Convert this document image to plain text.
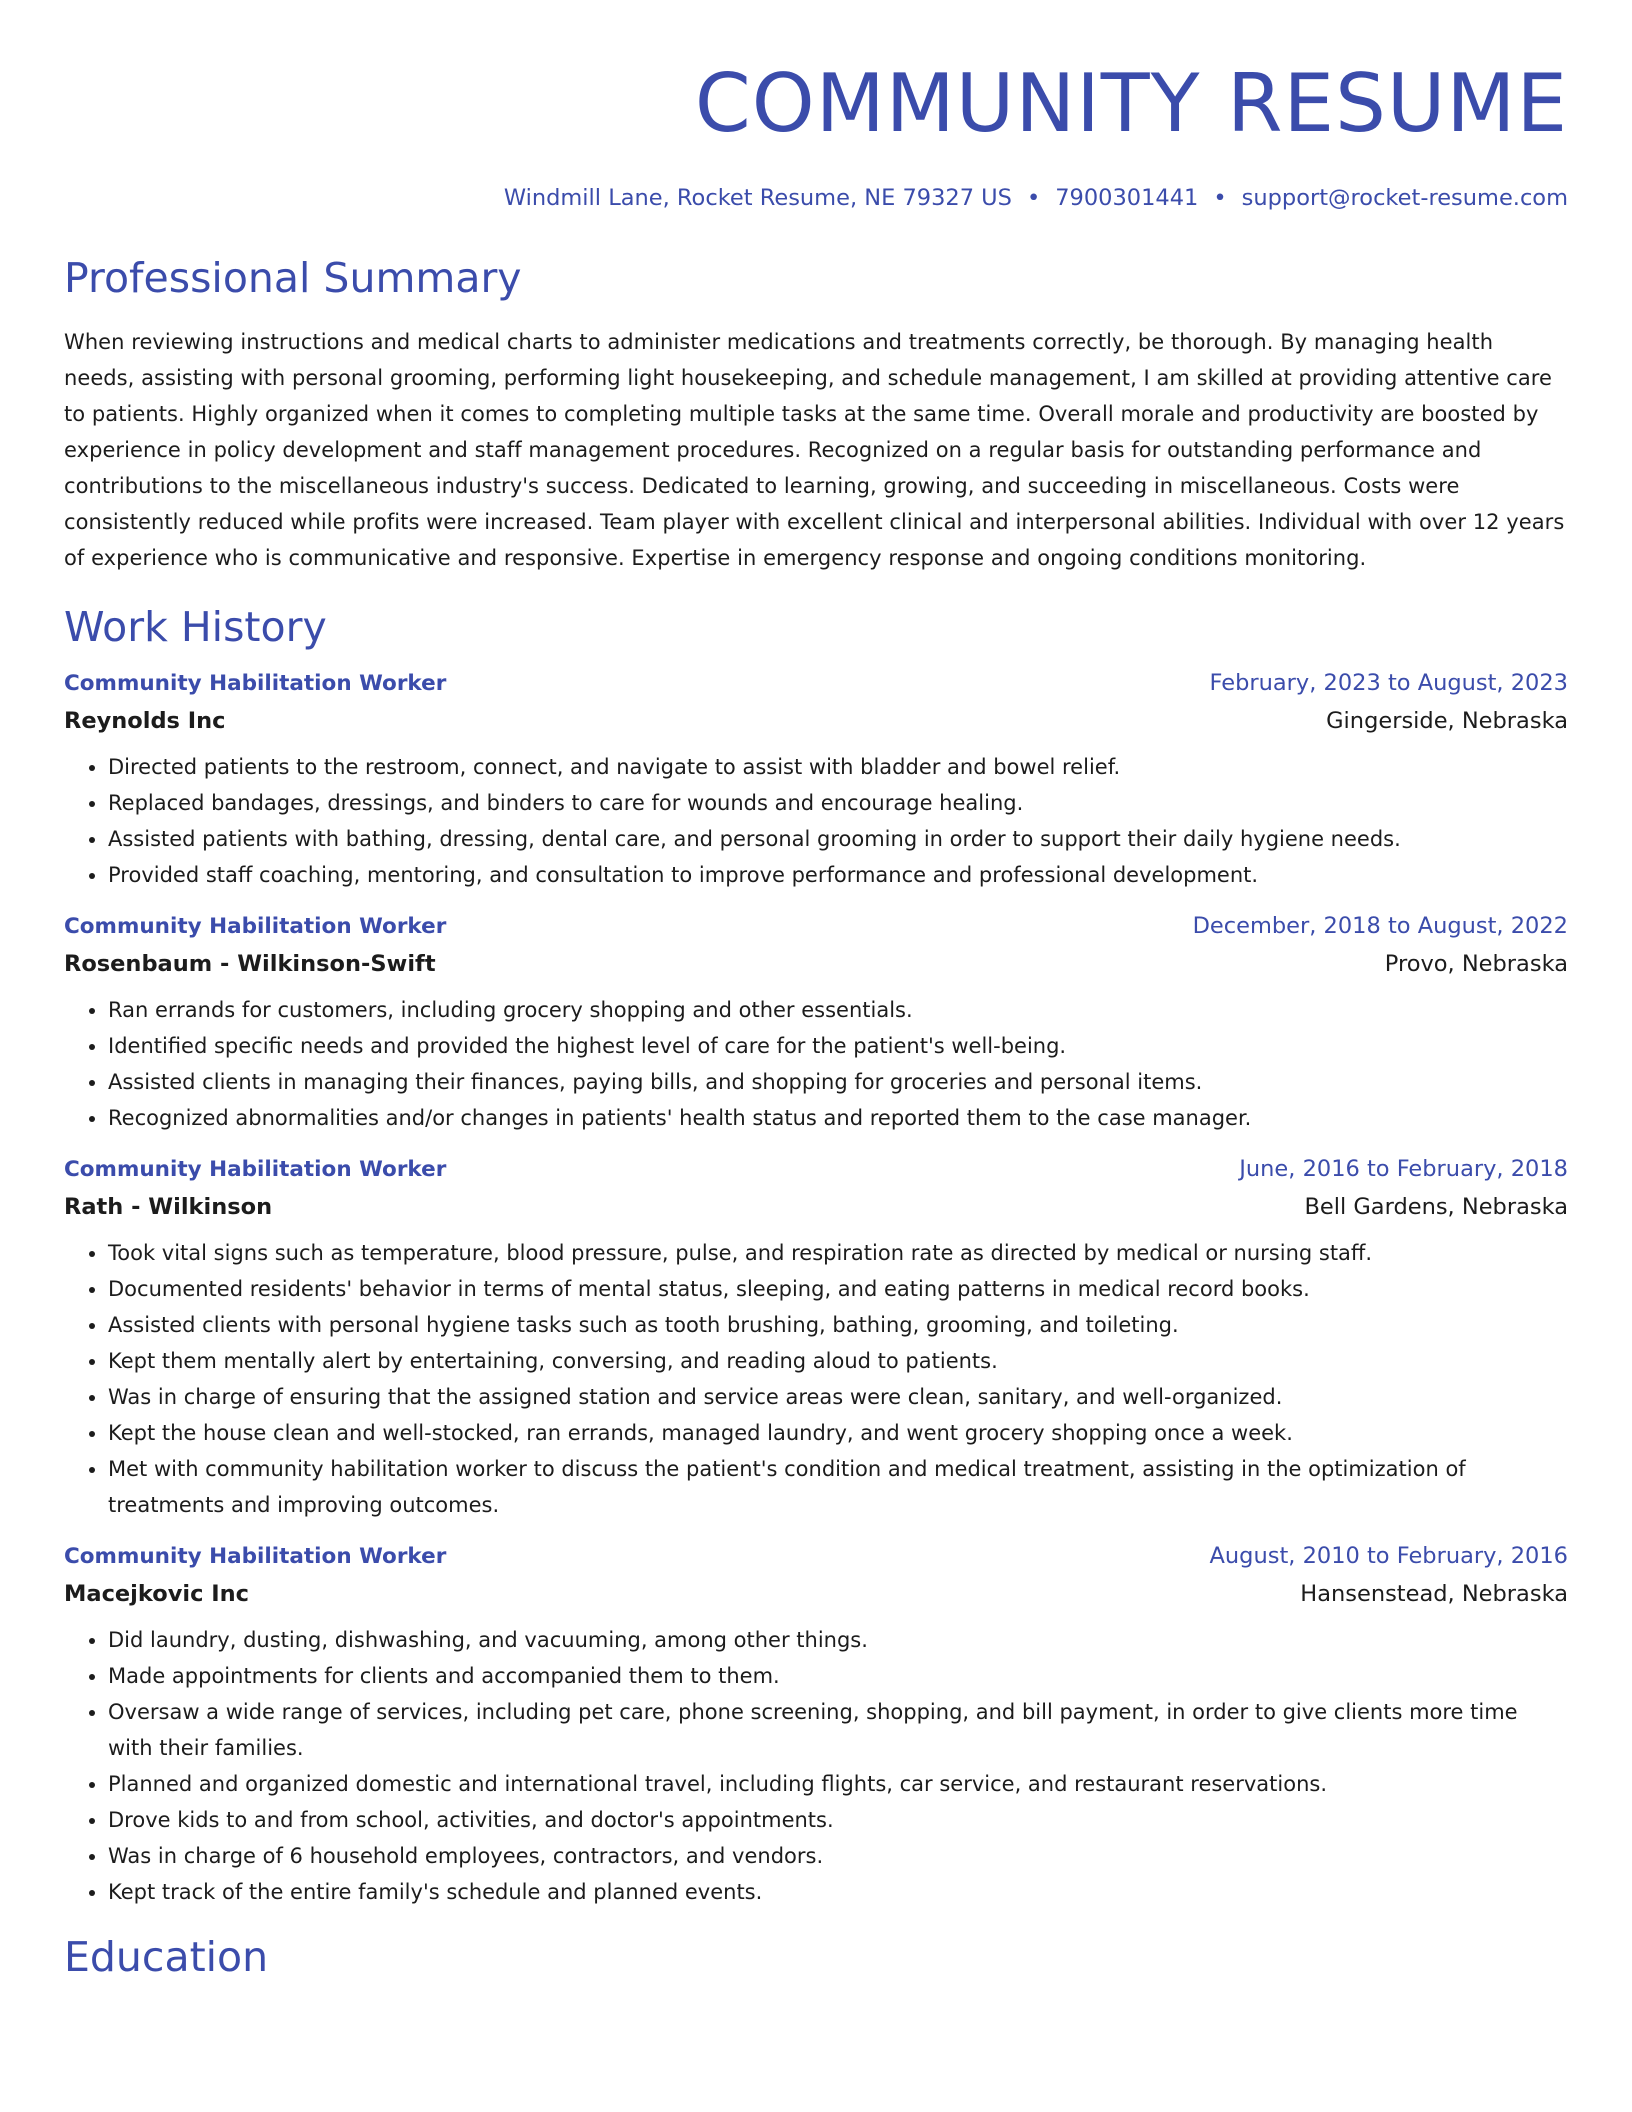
COMMUNITY RESUME
Windmill Lane, Rocket Resume, NE 79327 US • 7900301441 • support@rocket-resume.com
Professional Summary
When reviewing instructions and medical charts to administer medications and treatments correctly, be thorough. By managing health needs, assisting with personal grooming, performing light housekeeping, and schedule management, I am skilled at providing attentive care to patients. Highly organized when it comes to completing multiple tasks at the same time. Overall morale and productivity are boosted by experience in policy development and staff management procedures. Recognized on a regular basis for outstanding performance and contributions to the miscellaneous industry's success. Dedicated to learning, growing, and succeeding in miscellaneous. Costs were consistently reduced while profits were increased. Team player with excellent clinical and interpersonal abilities. Individual with over 12 years of experience who is communicative and responsive. Expertise in emergency response and ongoing conditions monitoring.
Work History
Community Habilitation Worker	February, 2023 to August, 2023
Reynolds Inc	Gingerside, Nebraska
• Directed patients to the restroom, connect, and navigate to assist with bladder and bowel relief.
• Replaced bandages, dressings, and binders to care for wounds and encourage healing.
• Assisted patients with bathing, dressing, dental care, and personal grooming in order to support their daily hygiene needs.
• Provided staff coaching, mentoring, and consultation to improve performance and professional development.
Community Habilitation Worker	December, 2018 to August, 2022
Rosenbaum - Wilkinson-Swift	Provo, Nebraska
• Ran errands for customers, including grocery shopping and other essentials.
• Identified specific needs and provided the highest level of care for the patient's well-being.
• Assisted clients in managing their finances, paying bills, and shopping for groceries and personal items.
• Recognized abnormalities and/or changes in patients' health status and reported them to the case manager.
Community Habilitation Worker	June, 2016 to February, 2018
Rath - Wilkinson	Bell Gardens, Nebraska
• Took vital signs such as temperature, blood pressure, pulse, and respiration rate as directed by medical or nursing staff.
• Documented residents' behavior in terms of mental status, sleeping, and eating patterns in medical record books.
• Assisted clients with personal hygiene tasks such as tooth brushing, bathing, grooming, and toileting.
• Kept them mentally alert by entertaining, conversing, and reading aloud to patients.
• Was in charge of ensuring that the assigned station and service areas were clean, sanitary, and well-organized.
• Kept the house clean and well-stocked, ran errands, managed laundry, and went grocery shopping once a week.
• Met with community habilitation worker to discuss the patient's condition and medical treatment, assisting in the optimization of treatments and improving outcomes.
Community Habilitation Worker	August, 2010 to February, 2016
Macejkovic Inc	Hansenstead, Nebraska
• Did laundry, dusting, dishwashing, and vacuuming, among other things.
• Made appointments for clients and accompanied them to them.
• Oversaw a wide range of services, including pet care, phone screening, shopping, and bill payment, in order to give clients more time with their families.
• Planned and organized domestic and international travel, including flights, car service, and restaurant reservations.
• Drove kids to and from school, activities, and doctor's appointments.
• Was in charge of 6 household employees, contractors, and vendors.
• Kept track of the entire family's schedule and planned events.
Education
